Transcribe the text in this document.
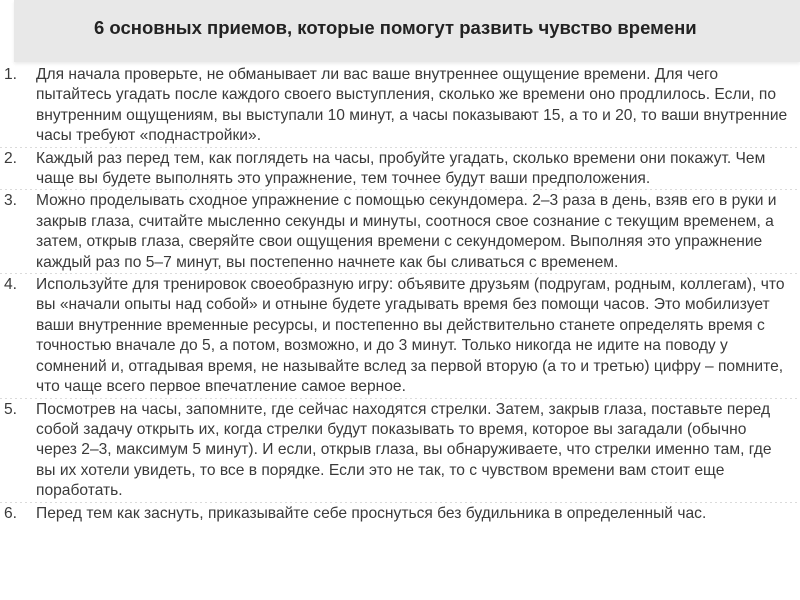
6 основных приемов, которые помогут развить чувство времени
1. Для начала проверьте, не обманывает ли вас ваше внутреннее ощущение времени. Для чего пытайтесь угадать после каждого своего выступления, сколько же времени оно продлилось. Если, по внутренним ощущениям, вы выступали 10 минут, а часы показывают 15, а то и 20, то ваши внутренние часы требуют «поднастройки».
2. Каждый раз перед тем, как поглядеть на часы, пробуйте угадать, сколько времени они покажут. Чем чаще вы будете выполнять это упражнение, тем точнее будут ваши предположения.
3. Можно проделывать сходное упражнение с помощью секундомера. 2–3 раза в день, взяв его в руки и закрыв глаза, считайте мысленно секунды и минуты, соотнося свое сознание с текущим временем, а затем, открыв глаза, сверяйте свои ощущения времени с секундомером. Выполняя это упражнение каждый раз по 5–7 минут, вы постепенно начнете как бы сливаться с временем.
4. Используйте для тренировок своеобразную игру: объявите друзьям (подругам, родным, коллегам), что вы «начали опыты над собой» и отныне будете угадывать время без помощи часов. Это мобилизует ваши внутренние временные ресурсы, и постепенно вы действительно станете определять время с точностью вначале до 5, а потом, возможно, и до 3 минут. Только никогда не идите на поводу у сомнений и, отгадывая время, не называйте вслед за первой вторую (а то и третью) цифру – помните, что чаще всего первое впечатление самое верное.
5. Посмотрев на часы, запомните, где сейчас находятся стрелки. Затем, закрыв глаза, поставьте перед собой задачу открыть их, когда стрелки будут показывать то время, которое вы загадали (обычно через 2–3, максимум 5 минут). И если, открыв глаза, вы обнаруживаете, что стрелки именно там, где вы их хотели увидеть, то все в порядке. Если это не так, то с чувством времени вам стоит еще поработать.
6. Перед тем как заснуть, приказывайте себе проснуться без будильника в определенный час.
